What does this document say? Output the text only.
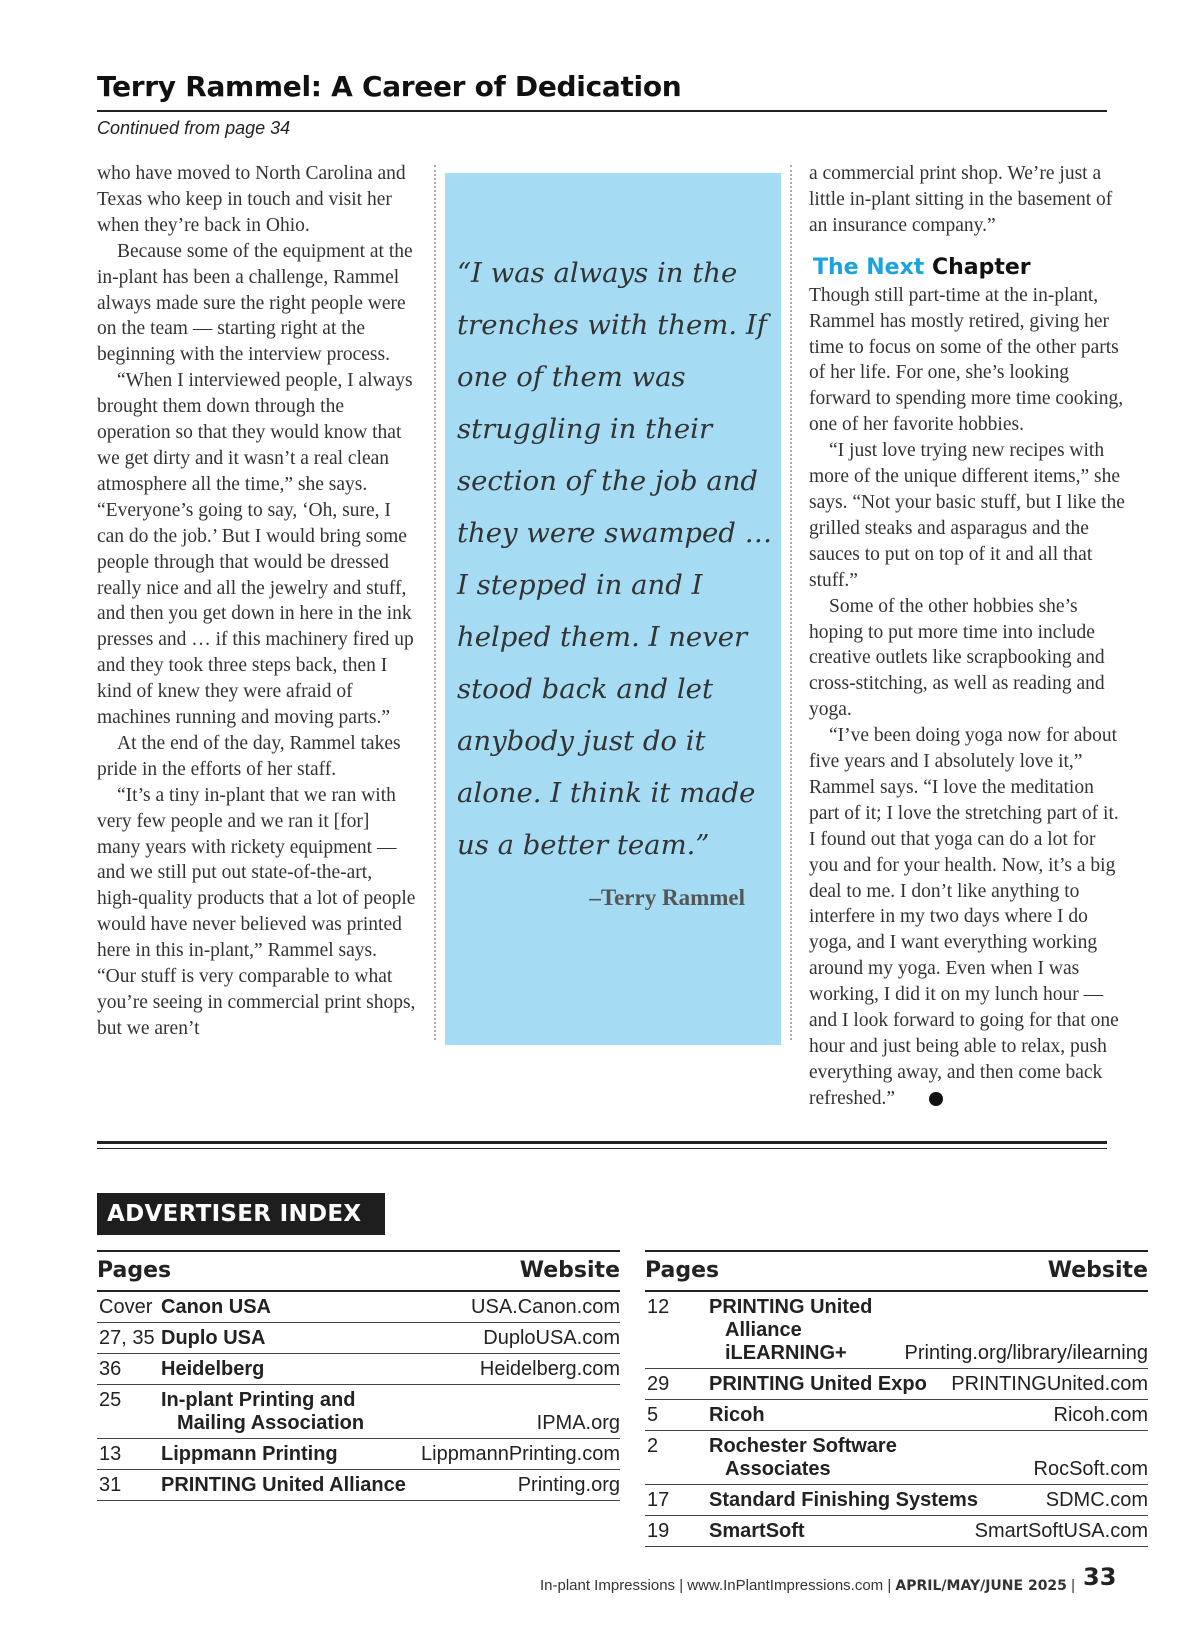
Terry Rammel: A Career of Dedication
Continued from page 34

who have moved to North Carolina and Texas who keep in touch and visit her when they’re back in Ohio.

Because some of the equipment at the in-plant has been a challenge, Rammel always made sure the right people were on the team — starting right at the beginning with the interview process.

“When I interviewed people, I always brought them down through the operation so that they would know that we get dirty and it wasn’t a real clean atmosphere all the time,” she says. “Everyone’s going to say, ‘Oh, sure, I can do the job.’ But I would bring some people through that would be dressed really nice and all the jewelry and stuff, and then you get down in here in the ink presses and … if this machinery fired up and they took three steps back, then I kind of knew they were afraid of machines running and moving parts.”

At the end of the day, Rammel takes pride in the efforts of her staff.

“It’s a tiny in-plant that we ran with very few people and we ran it [for] many years with rickety equipment — and we still put out state-of-the-art, high-quality products that a lot of people would have never believed was printed here in this in-plant,” Rammel says. “Our stuff is very comparable to what you’re seeing in commercial print shops, but we aren’t

“I was always in the trenches with them. If one of them was struggling in their section of the job and they were swamped … I stepped in and I helped them. I never stood back and let anybody just do it alone. I think it made us a better team.”

–Terry Rammel

a commercial print shop. We’re just a little in-plant sitting in the basement of an insurance company.”

The Next Chapter

Though still part-time at the in-plant, Rammel has mostly retired, giving her time to focus on some of the other parts of her life. For one, she’s looking forward to spending more time cooking, one of her favorite hobbies.

“I just love trying new recipes with more of the unique different items,” she says. “Not your basic stuff, but I like the grilled steaks and asparagus and the sauces to put on top of it and all that stuff.”

Some of the other hobbies she’s hoping to put more time into include creative outlets like scrapbooking and cross-stitching, as well as reading and yoga.

“I’ve been doing yoga now for about five years and I absolutely love it,” Rammel says. “I love the meditation part of it; I love the stretching part of it. I found out that yoga can do a lot for you and for your health. Now, it’s a big deal to me. I don’t like anything to interfere in my two days where I do yoga, and I want everything working around my yoga. Even when I was working, I did it on my lunch hour — and I look forward to going for that one hour and just being able to relax, push everything away, and then come back refreshed.”

ADVERTISER INDEX
Pages	Website
Cover Canon USA	USA.Canon.com
27, 35 Duplo USA	DuploUSA.com
36	Heidelberg	Heidelberg.com
25	In-plant Printing and
Mailing Association	IPMA.org
13	Lippmann Printing	LippmannPrinting.com
31	PRINTING United Alliance	Printing.org
Pages	Website
12	PRINTING United
Alliance iLEARNING+	Printing.org/library/ilearning
29	PRINTING United Expo	PRINTINGUnited.com
5	Ricoh	Ricoh.com
2	Rochester Software
Associates	RocSoft.com
17	Standard Finishing Systems	SDMC.com
19	SmartSoft	SmartSoftUSA.com
In-plant Impressions | www.InPlantImpressions.com | APRIL/MAY/JUNE 2025 | 33
